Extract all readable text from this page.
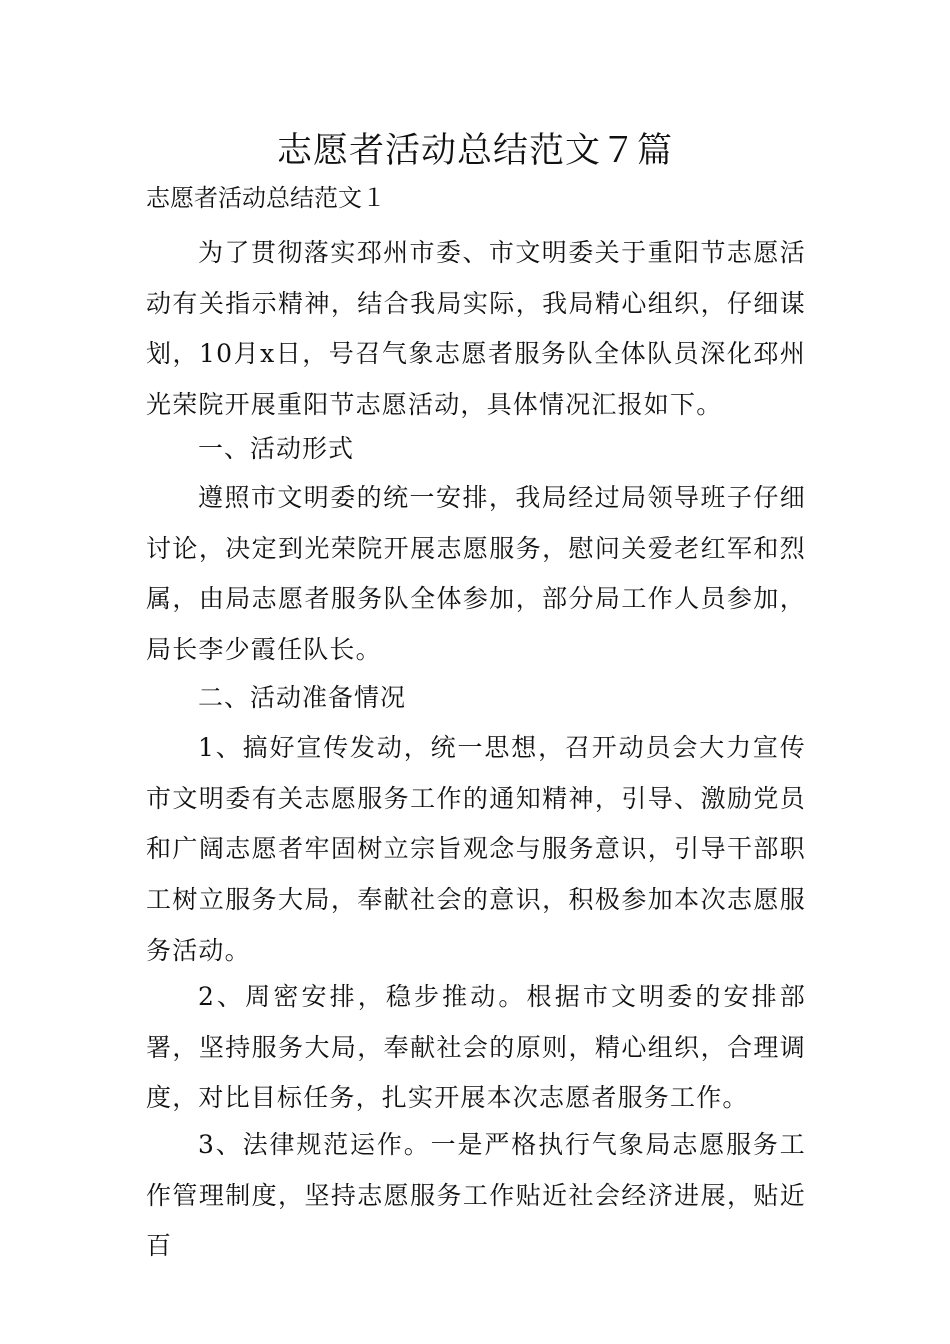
志愿者活动总结范文７篇

志愿者活动总结范文１

为了贯彻落实邳州市委、市文明委关于重阳节志愿活动有关指示精神，结合我局实际，我局精心组织，仔细谋划，10月x日，号召气象志愿者服务队全体队员深化邳州光荣院开展重阳节志愿活动，具体情况汇报如下。

一、活动形式

遵照市文明委的统一安排，我局经过局领导班子仔细讨论，决定到光荣院开展志愿服务，慰问关爱老红军和烈属，由局志愿者服务队全体参加，部分局工作人员参加，局长李少霞任队长。

二、活动准备情况

1、搞好宣传发动，统一思想，召开动员会大力宣传市文明委有关志愿服务工作的通知精神，引导、激励党员和广阔志愿者牢固树立宗旨观念与服务意识，引导干部职工树立服务大局，奉献社会的意识，积极参加本次志愿服务活动。

2、周密安排，稳步推动。根据市文明委的安排部署，坚持服务大局，奉献社会的原则，精心组织，合理调度，对比目标任务，扎实开展本次志愿者服务工作。

3、法律规范运作。一是严格执行气象局志愿服务工作管理制度，坚持志愿服务工作贴近社会经济进展，贴近百
